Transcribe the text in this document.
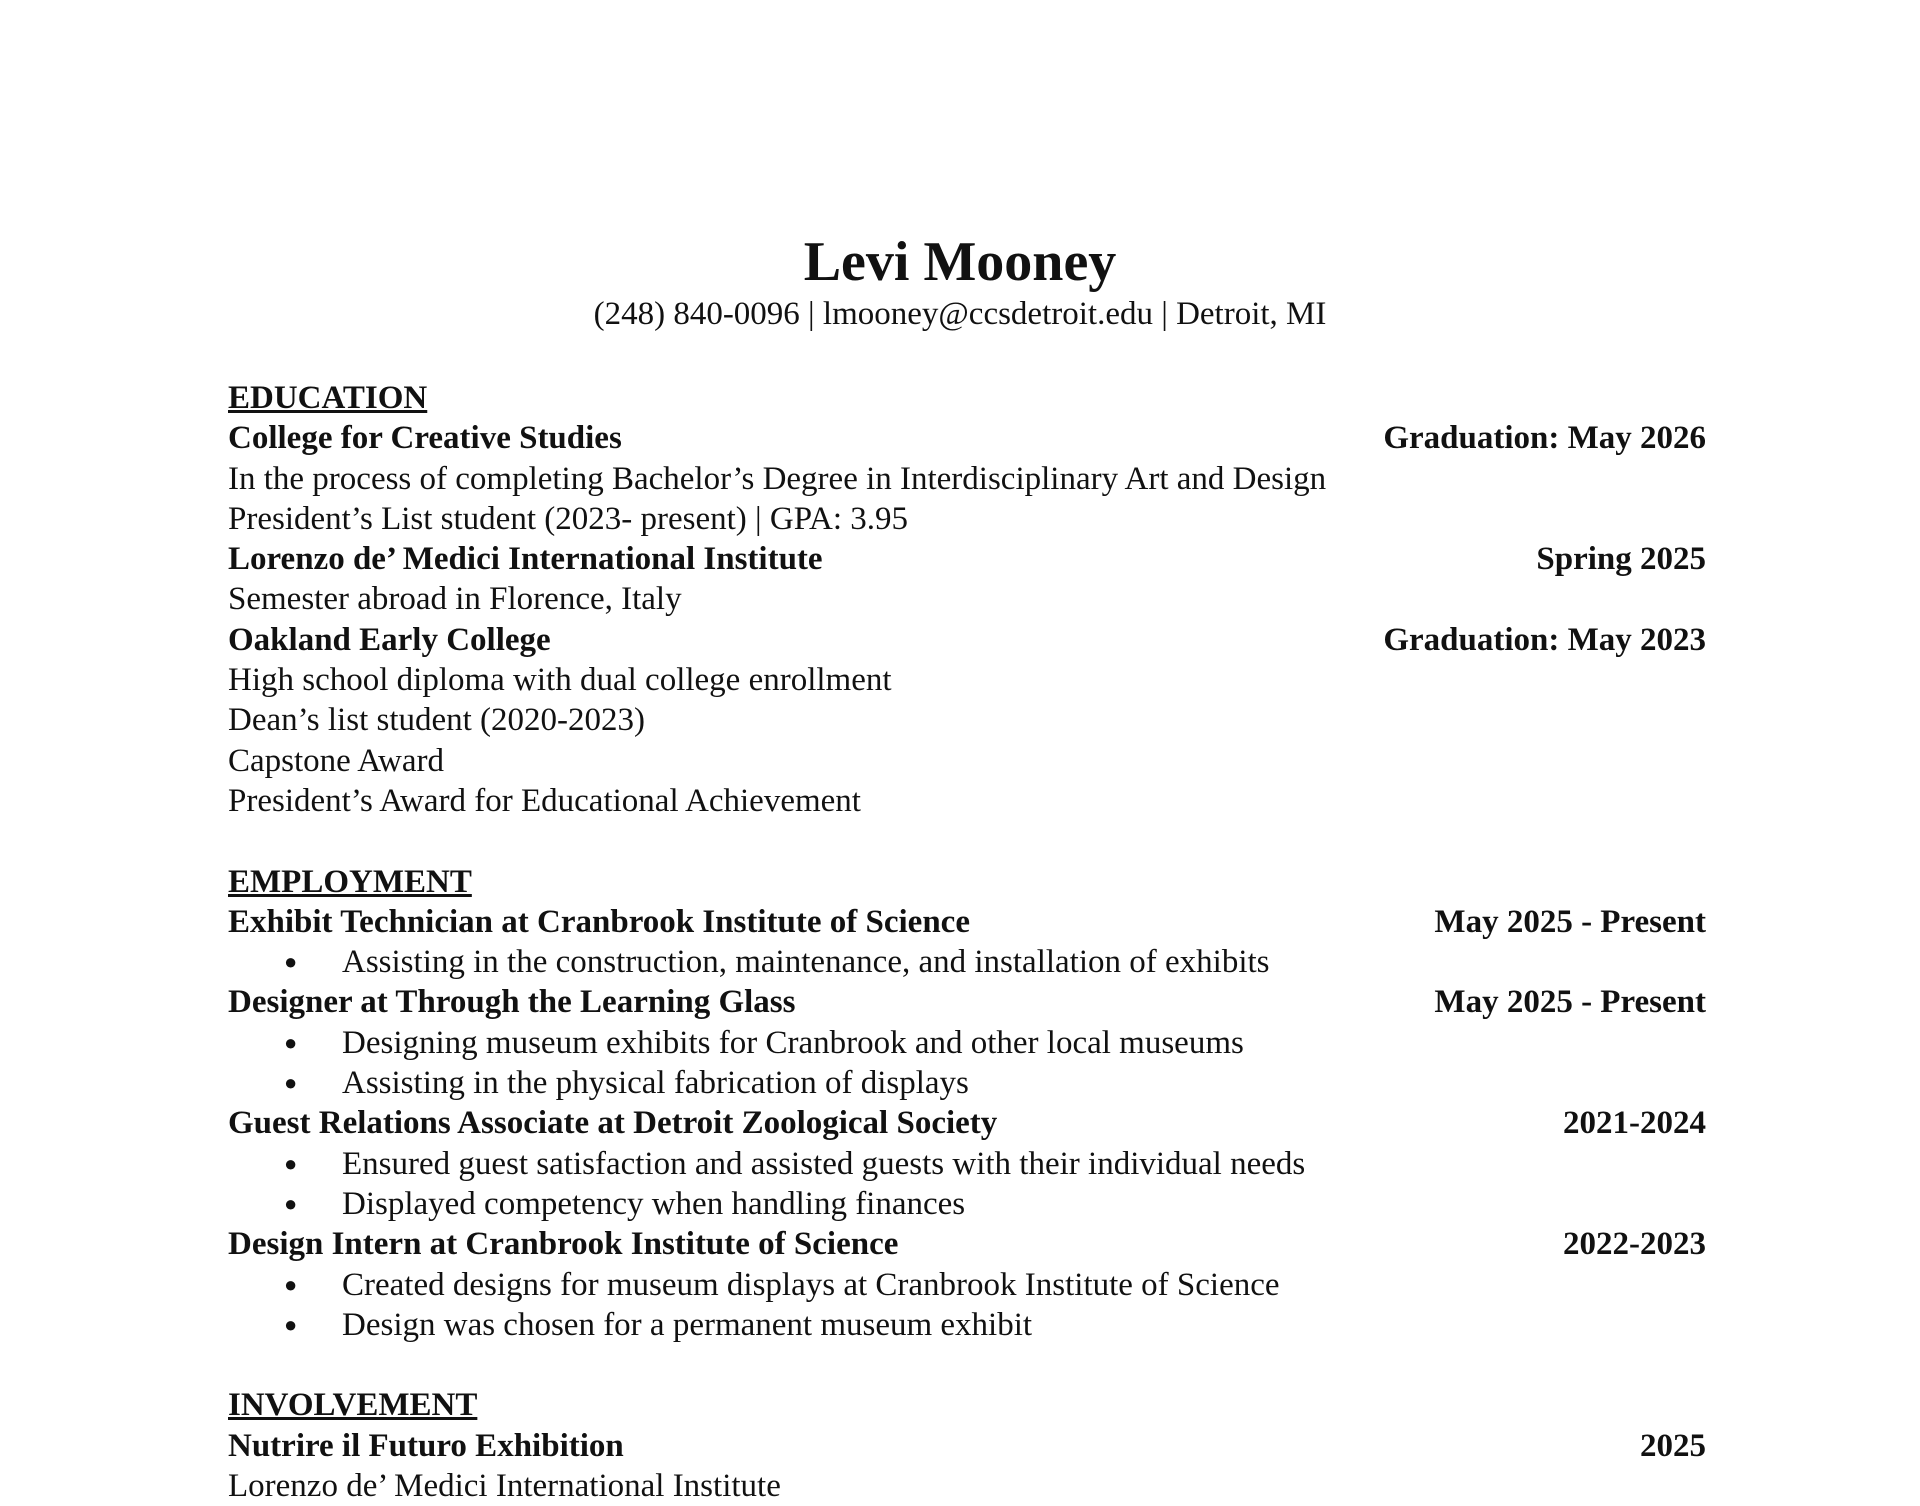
Levi Mooney
(248) 840-0096 | lmooney@ccsdetroit.edu | Detroit, MI
EDUCATION
College for Creative Studies	Graduation: May 2026
In the process of completing Bachelor’s Degree in Interdisciplinary Art and Design
President’s List student (2023- present) | GPA: 3.95
Lorenzo de’ Medici International Institute	Spring 2025
Semester abroad in Florence, Italy
Oakland Early College	Graduation: May 2023
High school diploma with dual college enrollment
Dean’s list student (2020-2023)
Capstone Award
President’s Award for Educational Achievement
EMPLOYMENT
Exhibit Technician at Cranbrook Institute of Science	May 2025 - Present
●	Assisting in the construction, maintenance, and installation of exhibits
Designer at Through the Learning Glass	May 2025 - Present
●	Designing museum exhibits for Cranbrook and other local museums
●	Assisting in the physical fabrication of displays
Guest Relations Associate at Detroit Zoological Society	2021-2024
●	Ensured guest satisfaction and assisted guests with their individual needs
●	Displayed competency when handling finances
Design Intern at Cranbrook Institute of Science	2022-2023
●	Created designs for museum displays at Cranbrook Institute of Science
●	Design was chosen for a permanent museum exhibit
INVOLVEMENT
Nutrire il Futuro Exhibition	2025
Lorenzo de’ Medici International Institute
